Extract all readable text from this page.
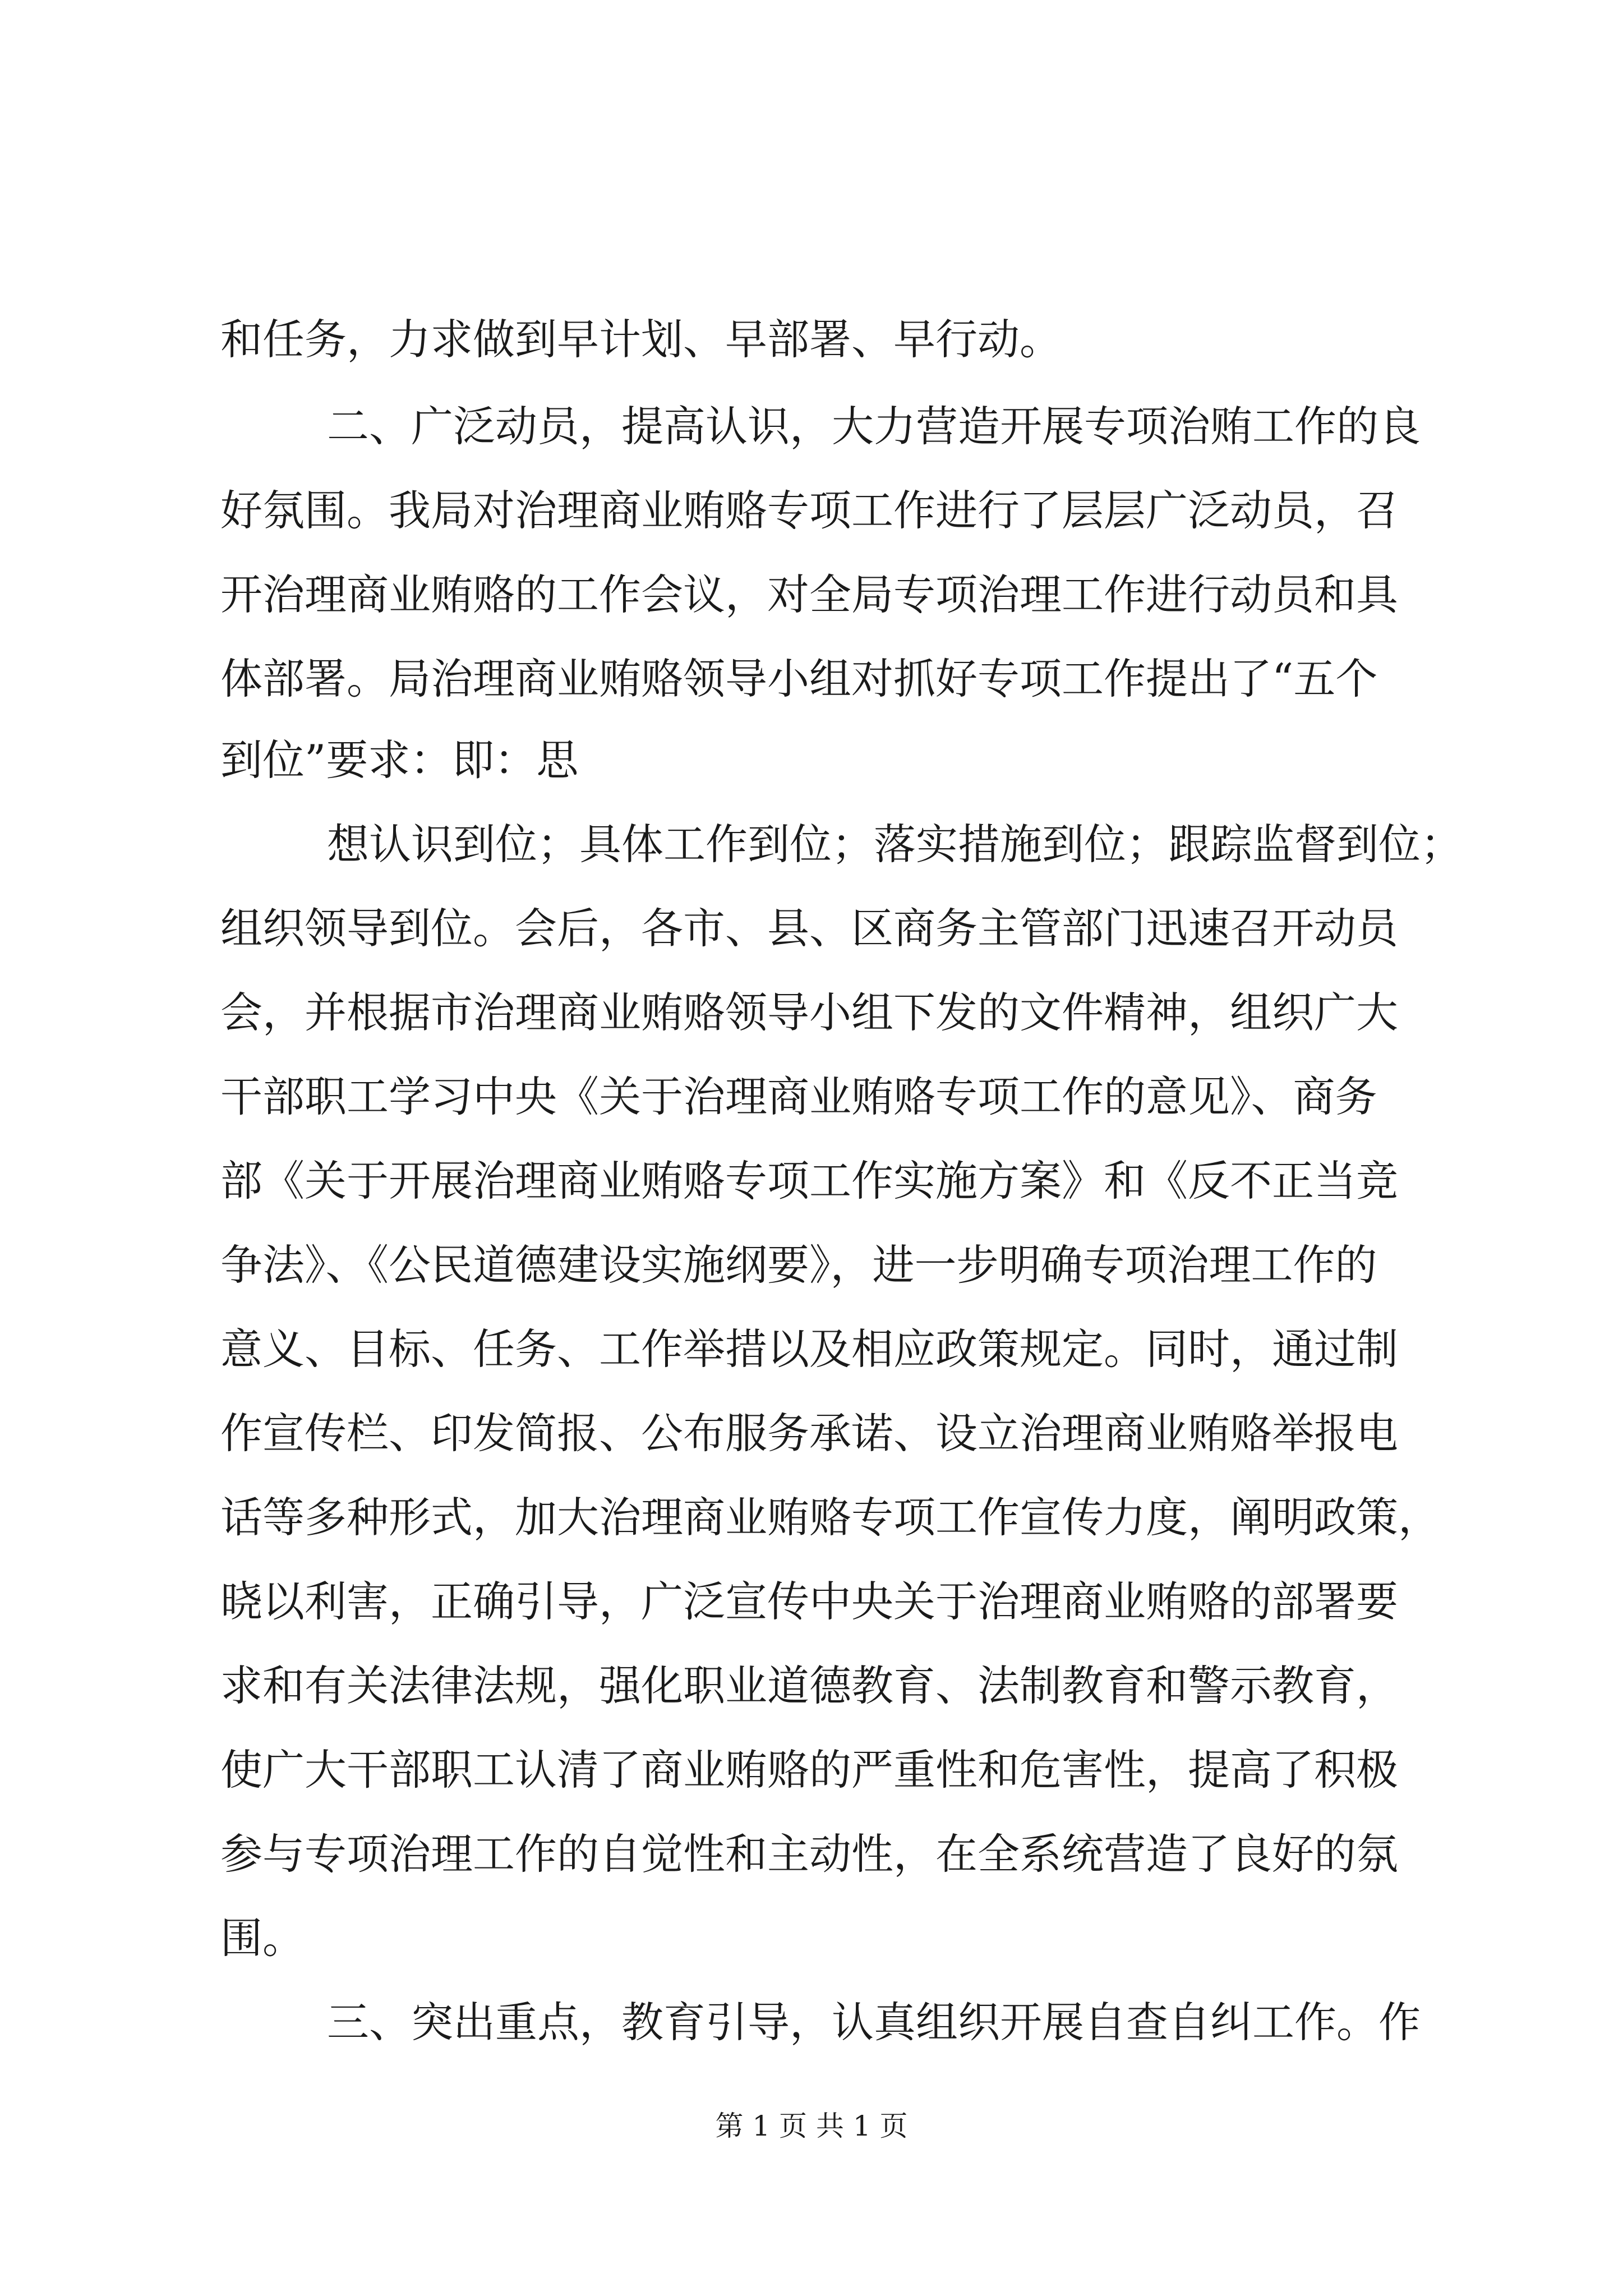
和任务，力求做到早计划、早部署、早行动。
二、广泛动员，提高认识，大力营造开展专项治贿工作的良
好氛围。我局对治理商业贿赂专项工作进行了层层广泛动员，召
开治理商业贿赂的工作会议，对全局专项治理工作进行动员和具
体部署。局治理商业贿赂领导小组对抓好专项工作提出了“五个
到位”要求：即：思
想认识到位；具体工作到位；落实措施到位；跟踪监督到位；
组织领导到位。会后，各市、县、区商务主管部门迅速召开动员
会，并根据市治理商业贿赂领导小组下发的文件精神，组织广大
干部职工学习中央《关于治理商业贿赂专项工作的意见》、商务
部《关于开展治理商业贿赂专项工作实施方案》和《反不正当竞
争法》、《公民道德建设实施纲要》，进一步明确专项治理工作的
意义、目标、任务、工作举措以及相应政策规定。同时，通过制
作宣传栏、印发简报、公布服务承诺、设立治理商业贿赂举报电
话等多种形式，加大治理商业贿赂专项工作宣传力度，阐明政策，
晓以利害，正确引导，广泛宣传中央关于治理商业贿赂的部署要
求和有关法律法规，强化职业道德教育、法制教育和警示教育，
使广大干部职工认清了商业贿赂的严重性和危害性，提高了积极
参与专项治理工作的自觉性和主动性，在全系统营造了良好的氛
围。
三、突出重点，教育引导，认真组织开展自查自纠工作。作
第 1 页 共 1 页
